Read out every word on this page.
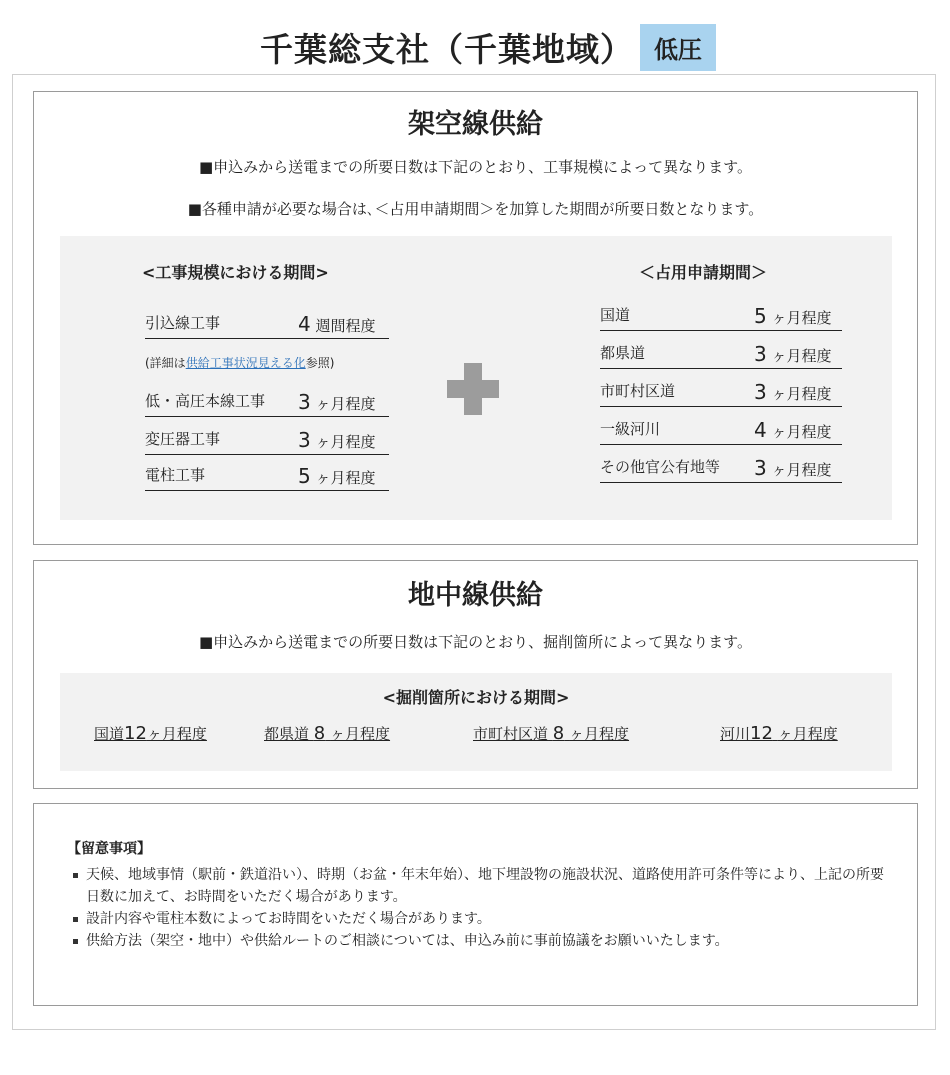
千葉総支社（千葉地域） 低圧
架空線供給
■申込みから送電までの所要日数は下記のとおり、工事規模によって異なります。
■各種申請が必要な場合は､＜占用申請期間＞を加算した期間が所要日数となります。
<工事規模における期間>	＜占用申請期間＞
引込線工事	4 週間程度
(詳細は供給工事状況見える化参照)
低・高圧本線工事 3 ヶ月程度
変圧器工事	3 ヶ月程度
電柱工事	5 ヶ月程度
国道	5 ヶ月程度
都県道	3 ヶ月程度
市町村区道	3 ヶ月程度
一級河川	4 ヶ月程度
その他官公有地等 3 ヶ月程度
地中線供給
■申込みから送電までの所要日数は下記のとおり、掘削箇所によって異なります。
<掘削箇所における期間>
国道12ヶ月程度	都県道 8 ヶ月程度	市町村区道 8 ヶ月程度	河川12 ヶ月程度
【留意事項】
天候、地域事情（駅前・鉄道沿い）、時期（お盆・年末年始）、地下埋設物の施設状況、道路使用許可条件等により、上記の所要日数に加えて、お時間をいただく場合があります。
設計内容や電柱本数によってお時間をいただく場合があります。
供給方法（架空・地中）や供給ルートのご相談については、申込み前に事前協議をお願いいたします。
